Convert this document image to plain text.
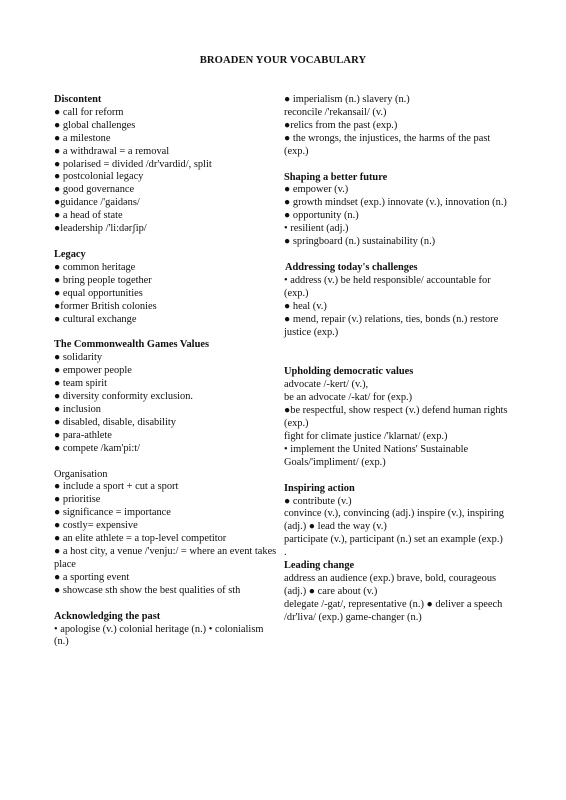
BROADEN YOUR VOCABULARY
Discontent
● call for reform
● global challenges
● a milestone
● a withdrawal = a removal
● polarised = divided /dr'vardid/, split
● postcolonial legacy
● good governance
●guidance /'gaidəns/
● a head of state
●leadership /'li:dərʃip/
Legacy
● common heritage
● bring people together
● equal opportunities
●former British colonies
● cultural exchange
The Commonwealth Games Values
● solidarity
● empower people
● team spirit
● diversity conformity exclusion.
● inclusion
● disabled, disable, disability
● para-athlete
● compete /kam'pi:t/
Organisation
● include a sport + cut a sport
● prioritise
● significance = importance
● costly= expensive
● an elite athlete = a top-level competitor
● a host city, a venue /'venju:/ = where an event takes place
● a sporting event
● showcase sth show the best qualities of sth
Acknowledging the past
• apologise (v.) colonial heritage (n.) • colonialism (n.)
● imperialism (n.) slavery (n.)
reconcile /'rekansail/ (v.)
●relics from the past (exp.)
● the wrongs, the injustices, the harms of the past (exp.)
Shaping a better future
● empower (v.)
● growth mindset (exp.) innovate (v.), innovation (n.)
● opportunity (n.)
• resilient (adj.)
● springboard (n.) sustainability (n.)
Addressing today's challenges
• address (v.) be held responsible/ accountable for (exp.)
● heal (v.)
● mend, repair (v.) relations, ties, bonds (n.) restore justice (exp.)
Upholding democratic values
advocate /-kert/ (v.),
be an advocate /-kat/ for (exp.)
●be respectful, show respect (v.) defend human rights (exp.)
fight for climate justice /'klarnat/ (exp.)
• implement the United Nations' Sustainable Goals/'impliment/ (exp.)
Inspiring action
● contribute (v.)
convince (v.), convincing (adj.) inspire (v.), inspiring (adj.) ● lead the way (v.)
participate (v.), participant (n.) set an example (exp.)
.
Leading change
address an audience (exp.) brave, bold, courageous (adj.) ● care about (v.)
delegate /-gat/, representative (n.) ● deliver a speech /dr'liva/ (exp.) game-changer (n.)
